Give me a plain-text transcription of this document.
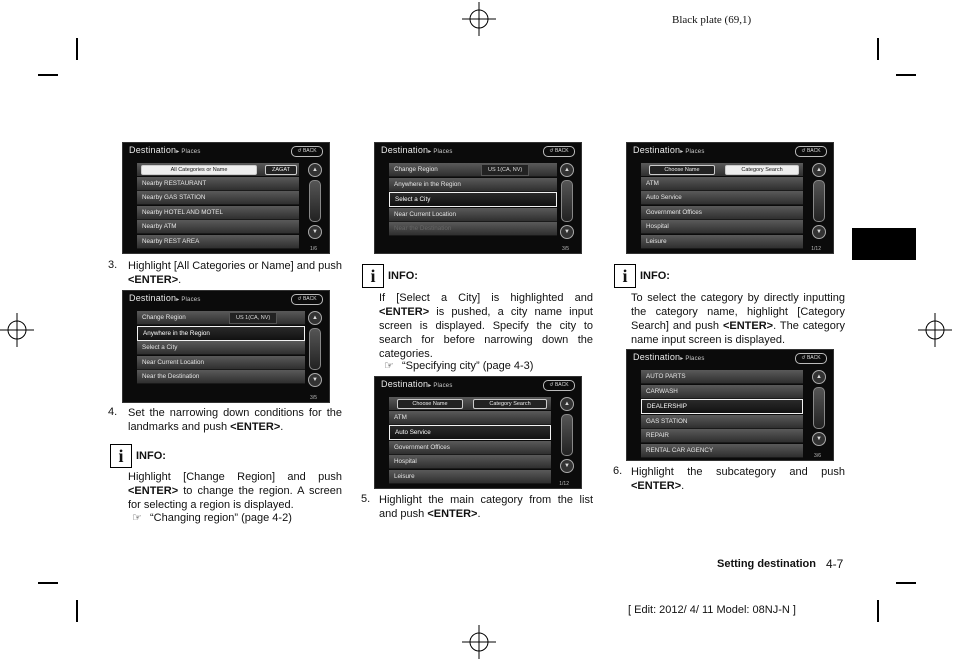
Black plate (69,1)
Destination▸ Places	↺ BACK
All Categories or Name	ZAGAT
Nearby RESTAURANT
Nearby GAS STATION
Nearby HOTEL AND MOTEL
Nearby ATM
Nearby REST AREA
▲
▼
1/6
3. Highlight [All Categories or Name] and push
<ENTER>.
Destination▸ Places	↺ BACK
Change Region	US 1(CA, NV)
Anywhere in the Region
Select a City
Near Current Location
Near the Destination
▲
▼
3/5
4. Set the narrowing down conditions for the landmarks and push <ENTER>.
i	INFO:
Highlight [Change Region] and push <ENTER> to change the region. A screen for selecting a region is displayed.
☞ “Changing region” (page 4-2)
Destination▸ Places	↺ BACK
Change Region	US 1(CA, NV)
Anywhere in the Region
Select a City
Near Current Location
Near the Destination
▲
▼
3/5
i	INFO:
If [Select a City] is highlighted and <ENTER> is pushed, a city name input screen is displayed. Specify the city to search for before narrowing down the categories.
☞ “Specifying city” (page 4-3)
Destination▸ Places	↺ BACK
Choose Name	Category Search
ATM
Auto Service
Government Offices
Hospital
Leisure
▲
▼
1/12
5. Highlight the main category from the list and push <ENTER>.
Destination▸ Places	↺ BACK
Choose Name	Category Search
ATM
Auto Service
Government Offices
Hospital
Leisure
▲
▼
1/12
i	INFO:
To select the category by directly inputting the category name, highlight [Category Search] and push <ENTER>. The category name input screen is displayed.
Destination▸ Places	↺ BACK
AUTO PARTS
CARWASH
DEALERSHIP
GAS STATION
REPAIR
RENTAL CAR AGENCY
▲
▼
3/6
6. Highlight the subcategory and push <ENTER>.
Setting destination 4-7
[ Edit: 2012/ 4/ 11 Model: 08NJ-N ]
